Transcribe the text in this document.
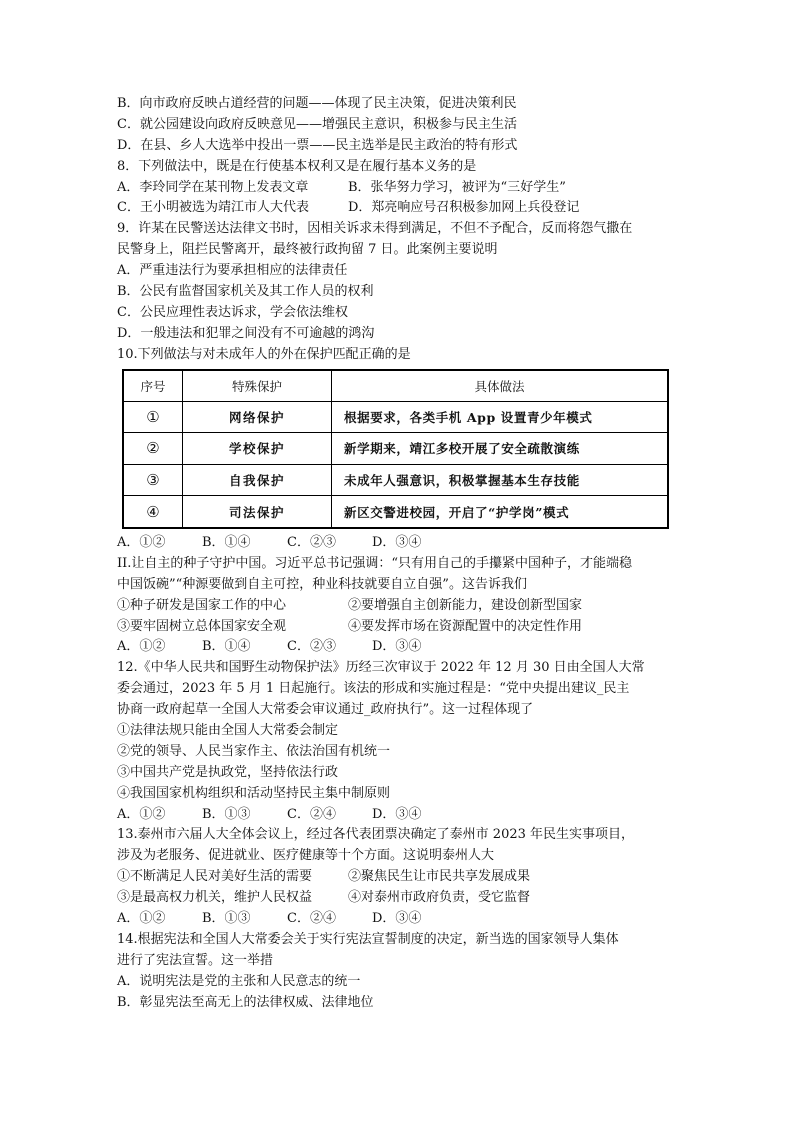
B．向市政府反映占道经营的问题——体现了民主决策，促进决策利民
C．就公园建设向政府反映意见——增强民主意识，积极参与民主生活
D．在县、乡人大选举中投出一票——民主选举是民主政治的特有形式
8．下列做法中，既是在行使基本权利又是在履行基本义务的是
A．李玲同学在某刊物上发表文章	B．张华努力学习，被评为“三好学生”
C．王小明被选为靖江市人大代表	D．郑亮响应号召积极参加网上兵役登记
9．许某在民警送达法律文书时，因相关诉求未得到满足，不但不予配合，反而将怨气撒在
民警身上，阻拦民警离开，最终被行政拘留 7 日。此案例主要说明
A．严重违法行为要承担相应的法律责任
B．公民有监督国家机关及其工作人员的权利
C．公民应理性表达诉求，学会依法维权
D．一般违法和犯罪之间没有不可逾越的鸿沟
10.下列做法与对未成年人的外在保护匹配正确的是
序号	特殊保护	具体做法
①	网络保护	根据要求，各类手机 App 设置青少年模式
②	学校保护	新学期来，靖江多校开展了安全疏散演练
③	自我保护	未成年人强意识，积极掌握基本生存技能
④	司法保护	新区交警进校园，开启了“护学岗”模式
A．①②	B．①④	C．②③	D．③④
II.让自主的种子守护中国。习近平总书记强调：“只有用自己的手攥紧中国种子，才能端稳
中国饭碗”“种源要做到自主可控，种业科技就要自立自强”。这告诉我们
①种子研发是国家工作的中心	②要增强自主创新能力，建设创新型国家
③要牢固树立总体国家安全观	④要发挥市场在资源配置中的决定性作用
A．①②	B．①④	C．②③	D．③④
12.《中华人民共和国野生动物保护法》历经三次审议于 2022 年 12 月 30 日由全国人大常
委会通过，2023 年 5 月 1 日起施行。该法的形成和实施过程是：“党中央提出建议_民主
协商一政府起草一全国人大常委会审议通过_政府执行”。这一过程体现了
①法律法规只能由全国人大常委会制定
②党的领导、人民当家作主、依法治国有机统一
③中国共产党是执政党，坚持依法行政
④我国国家机构组织和活动坚持民主集中制原则
A．①②	B．①③	C．②④	D．③④
13.泰州市六届人大全体会议上，经过各代表团票决确定了泰州市 2023 年民生实事项目，
涉及为老服务、促进就业、医疗健康等十个方面。这说明泰州人大
①不断满足人民对美好生活的需要	②聚焦民生让市民共享发展成果
③是最高权力机关，维护人民权益	④对泰州市政府负责，受它监督
A．①②	B．①③	C．②④	D．③④
14.根据宪法和全国人大常委会关于实行宪法宣誓制度的决定，新当选的国家领导人集体
进行了宪法宣誓。这一举措
A．说明宪法是党的主张和人民意志的统一
B．彰显宪法至高无上的法律权威、法律地位
